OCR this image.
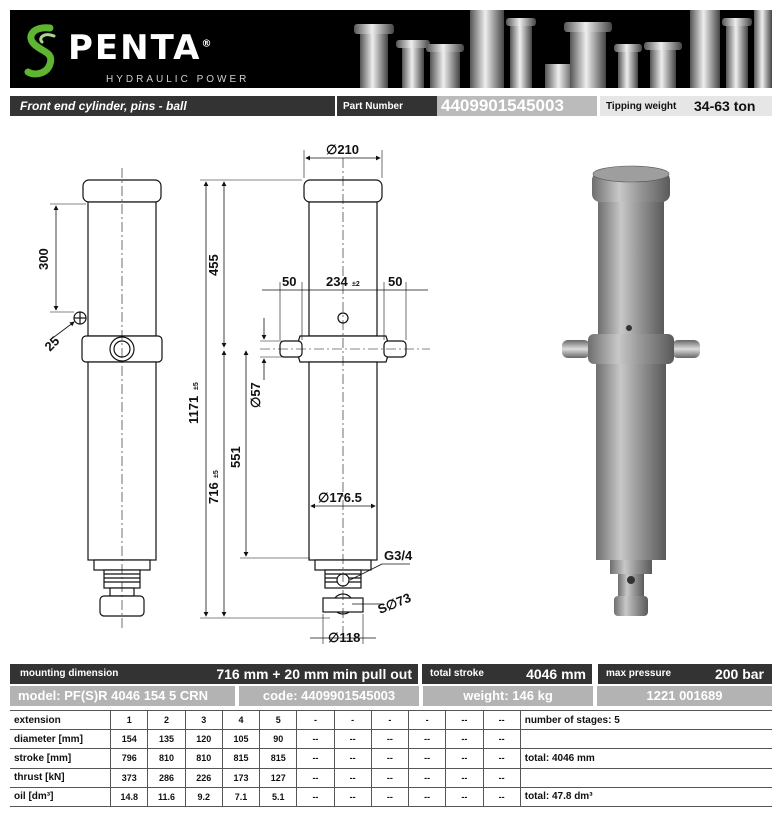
PENTA®
HYDRAULIC POWER
Front end cylinder, pins - ball	Part Number	4409901545003	Tipping weight	34-63 ton
300
25
∅210
1171
±5
455
716
±5
551
∅57
50 234 ±2 50
∅176.5
G3/4
S∅73
∅118
mounting dimension	716 mm + 20 mm min pull out	total stroke	4046 mm	max pressure	200 bar
model: PF(S)R 4046 154 5 CRN	code: 4409901545003	weight: 146 kg	1221 001689
extension	1	2	3	4	5	-	-	-	-	--	--	number of stages: 5
diameter [mm]	154	135	120	105	90	--	--	--	--	--	--	
stroke [mm]	796	810	810	815	815	--	--	--	--	--	--	total: 4046 mm
thrust [kN]	373	286	226	173	127	--	--	--	--	--	--	
oil [dm³]	14.8	11.6	9.2	7.1	5.1	--	--	--	--	--	--	total: 47.8 dm³
